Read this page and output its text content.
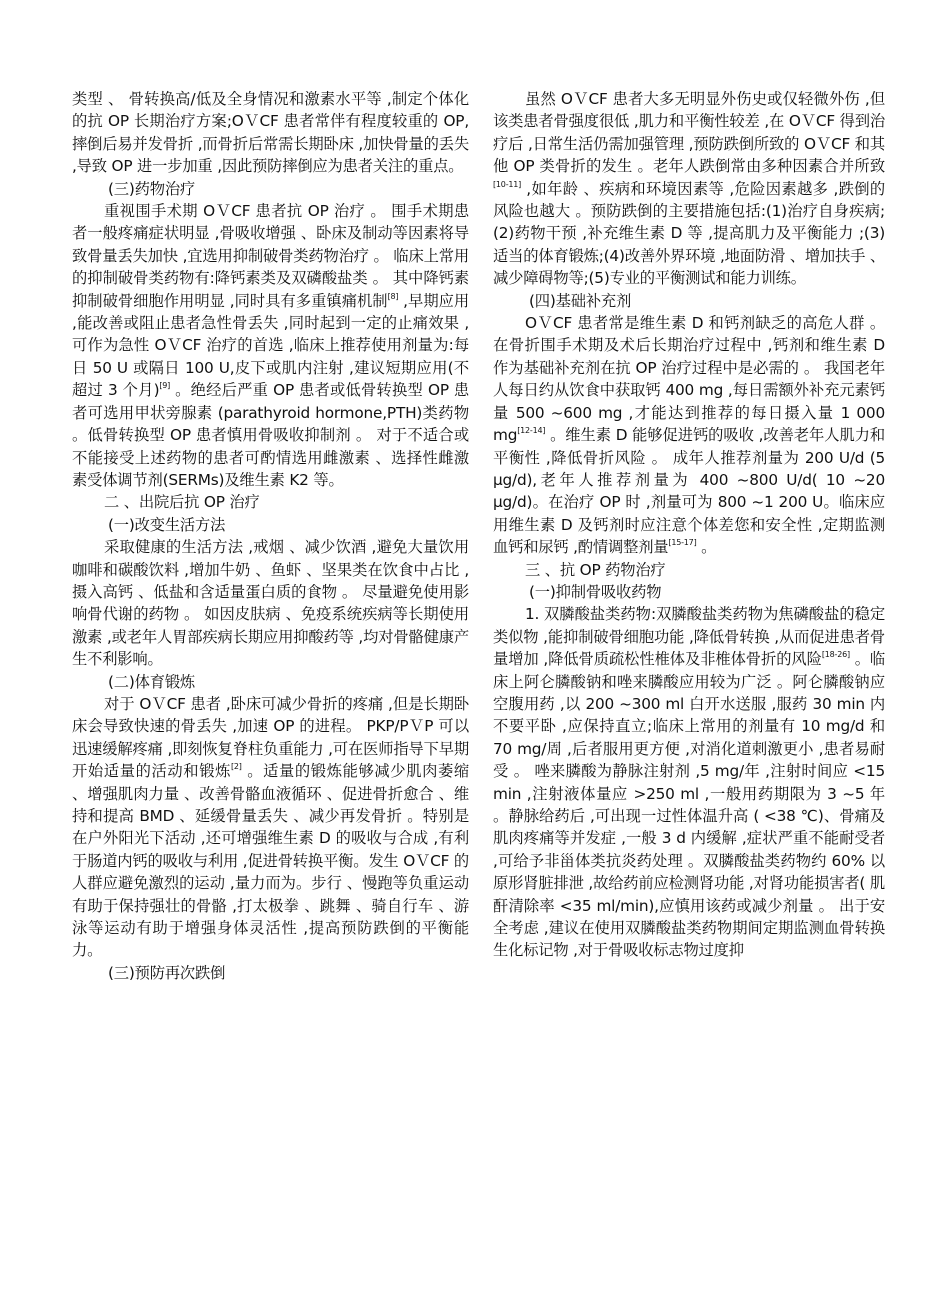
类型 、 骨转换高/低及全身情况和激素水平等 ,制定个体化的抗 OP 长期治疗方案;OＶCF 患者常伴有程度较重的 OP,摔倒后易并发骨折 ,而骨折后常需长期卧床 ,加快骨量的丢失 ,导致 OP 进一步加重 ,因此预防摔倒应为患者关注的重点。

(三)药物治疗

重视围手术期 OＶCF 患者抗 OP 治疗 。 围手术期患者一般疼痛症状明显 ,骨吸收增强 、卧床及制动等因素将导致骨量丢失加快 ,宜选用抑制破骨类药物治疗 。 临床上常用的抑制破骨类药物有:降钙素类及双磷酸盐类 。 其中降钙素抑制破骨细胞作用明显 ,同时具有多重镇痛机制[8] ,早期应用 ,能改善或阻止患者急性骨丢失 ,同时起到一定的止痛效果 ,可作为急性 OＶCF 治疗的首选 ,临床上推荐使用剂量为:每日 50 U 或隔日 100 U,皮下或肌内注射 ,建议短期应用(不超过 3 个月)[9] 。绝经后严重 OP 患者或低骨转换型 OP 患者可选用甲状旁腺素 (parathyroid hormone,PTH)类药物 。低骨转换型 OP 患者慎用骨吸收抑制剂 。 对于不适合或不能接受上述药物的患者可酌情选用雌激素 、选择性雌激素受体调节剂(SERMs)及维生素 K2 等。

二 、出院后抗 OP 治疗

(一)改变生活方法

采取健康的生活方法 ,戒烟 、减少饮酒 ,避免大量饮用咖啡和碳酸饮料 ,增加牛奶 、鱼虾 、坚果类在饮食中占比 ,摄入高钙 、低盐和含适量蛋白质的食物 。 尽量避免使用影响骨代谢的药物 。 如因皮肤病 、免疫系统疾病等长期使用激素 ,或老年人胃部疾病长期应用抑酸药等 ,均对骨骼健康产生不利影响。

(二)体育锻炼

对于 OＶCF 患者 ,卧床可减少骨折的疼痛 ,但是长期卧床会导致快速的骨丢失 ,加速 OP 的进程。 PKP/PＶP 可以迅速缓解疼痛 ,即刻恢复脊柱负重能力 ,可在医师指导下早期开始适量的活动和锻炼[2] 。适量的锻炼能够减少肌肉萎缩 、增强肌肉力量 、改善骨骼血液循环 、促进骨折愈合 、维持和提高 BMD 、延缓骨量丢失 、减少再发骨折 。特别是在户外阳光下活动 ,还可增强维生素 D 的吸收与合成 ,有利于肠道内钙的吸收与利用 ,促进骨转换平衡。发生 OＶCF 的人群应避免激烈的运动 ,量力而为。步行 、慢跑等负重运动有助于保持强壮的骨骼 ,打太极拳 、跳舞 、骑自行车 、游泳等运动有助于增强身体灵活性 ,提高预防跌倒的平衡能力。

(三)预防再次跌倒

虽然 OＶCF 患者大多无明显外伤史或仅轻微外伤 ,但该类患者骨强度很低 ,肌力和平衡性较差 ,在 OＶCF 得到治疗后 ,日常生活仍需加强管理 ,预防跌倒所致的 OＶCF 和其他 OP 类骨折的发生 。老年人跌倒常由多种因素合并所致[10-11] ,如年龄 、疾病和环境因素等 ,危险因素越多 ,跌倒的风险也越大 。预防跌倒的主要措施包括:(1)治疗自身疾病;(2)药物干预 ,补充维生素 D 等 ,提高肌力及平衡能力 ;(3)适当的体育锻炼;(4)改善外界环境 ,地面防滑 、增加扶手 、减少障碍物等;(5)专业的平衡测试和能力训练。

(四)基础补充剂

OＶCF 患者常是维生素 D 和钙剂缺乏的高危人群 。在骨折围手术期及术后长期治疗过程中 ,钙剂和维生素 D 作为基础补充剂在抗 OP 治疗过程中是必需的 。 我国老年人每日约从饮食中获取钙 400 mg ,每日需额外补充元素钙量 500 ~600 mg ,才能达到推荐的每日摄入量 1 000 mg[12-14] 。维生素 D 能够促进钙的吸收 ,改善老年人肌力和平衡性 ,降低骨折风险 。 成年人推荐剂量为 200 U/d (5 μg/d),老年人推荐剂量为 400 ~800 U/d( 10 ~20 μg/d)。在治疗 OP 时 ,剂量可为 800 ~1 200 U。临床应用维生素 D 及钙剂时应注意个体差您和安全性 ,定期监测血钙和尿钙 ,酌情调整剂量[15-17] 。

三 、抗 OP 药物治疗

(一)抑制骨吸收药物

1. 双膦酸盐类药物:双膦酸盐类药物为焦磷酸盐的稳定类似物 ,能抑制破骨细胞功能 ,降低骨转换 ,从而促进患者骨量增加 ,降低骨质疏松性椎体及非椎体骨折的风险[18-26] 。临床上阿仑膦酸钠和唑来膦酸应用较为广泛 。阿仑膦酸钠应空腹用药 ,以 200 ~300 ml 白开水送服 ,服药 30 min 内不要平卧 ,应保持直立;临床上常用的剂量有 10 mg/d 和 70 mg/周 ,后者服用更方便 ,对消化道刺激更小 ,患者易耐受 。 唑来膦酸为静脉注射剂 ,5 mg/年 ,注射时间应 <15 min ,注射液体量应 >250 ml ,一般用药期限为 3 ~5 年 。静脉给药后 ,可出现一过性体温升高 ( <38 ℃)、骨痛及肌肉疼痛等并发症 ,一般 3 d 内缓解 ,症状严重不能耐受者 ,可给予非甾体类抗炎药处理 。双膦酸盐类药物约 60% 以原形肾脏排泄 ,故给药前应检测肾功能 ,对肾功能损害者( 肌酐清除率 <35 ml/min),应慎用该药或减少剂量 。 出于安全考虑 ,建议在使用双膦酸盐类药物期间定期监测血骨转换生化标记物 ,对于骨吸收标志物过度抑
